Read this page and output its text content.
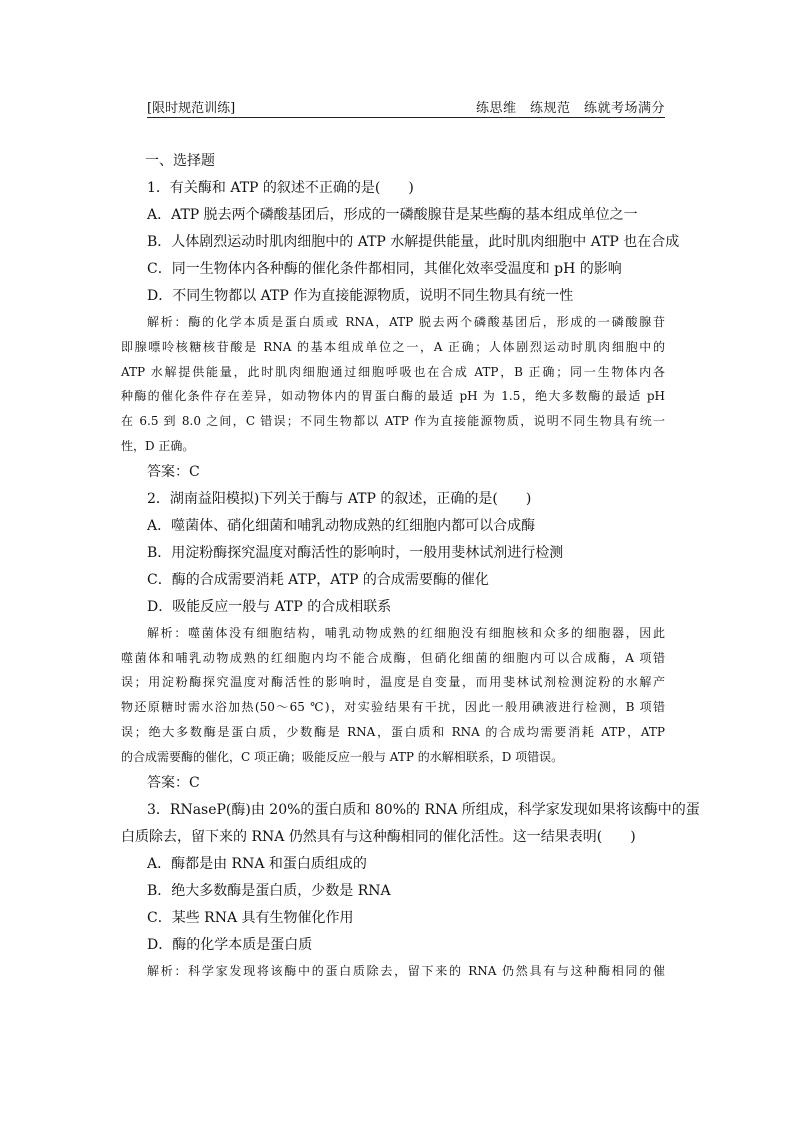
[限时规范训练]	练思维　练规范　练就考场满分
一、选择题
1．有关酶和 ATP 的叙述不正确的是(　　)
A．ATP 脱去两个磷酸基团后，形成的一磷酸腺苷是某些酶的基本组成单位之一
B．人体剧烈运动时肌肉细胞中的 ATP 水解提供能量，此时肌肉细胞中 ATP 也在合成
C．同一生物体内各种酶的催化条件都相同，其催化效率受温度和 pH 的影响
D．不同生物都以 ATP 作为直接能源物质，说明不同生物具有统一性
解析：酶的化学本质是蛋白质或 RNA，ATP 脱去两个磷酸基团后，形成的一磷酸腺苷
即腺嘌呤核糖核苷酸是 RNA 的基本组成单位之一，A 正确；人体剧烈运动时肌肉细胞中的
ATP 水解提供能量，此时肌肉细胞通过细胞呼吸也在合成 ATP，B 正确；同一生物体内各
种酶的催化条件存在差异，如动物体内的胃蛋白酶的最适 pH 为 1.5，绝大多数酶的最适 pH
在 6.5 到 8.0 之间，C 错误；不同生物都以 ATP 作为直接能源物质，说明不同生物具有统一
性，D 正确。
答案：C
2．湖南益阳模拟)下列关于酶与 ATP 的叙述，正确的是(　　)
A．噬菌体、硝化细菌和哺乳动物成熟的红细胞内都可以合成酶
B．用淀粉酶探究温度对酶活性的影响时，一般用斐林试剂进行检测
C．酶的合成需要消耗 ATP，ATP 的合成需要酶的催化
D．吸能反应一般与 ATP 的合成相联系
解析：噬菌体没有细胞结构，哺乳动物成熟的红细胞没有细胞核和众多的细胞器，因此
噬菌体和哺乳动物成熟的红细胞内均不能合成酶，但硝化细菌的细胞内可以合成酶，A 项错
误；用淀粉酶探究温度对酶活性的影响时，温度是自变量，而用斐林试剂检测淀粉的水解产
物还原糖时需水浴加热(50～65 ℃)，对实验结果有干扰，因此一般用碘液进行检测，B 项错
误；绝大多数酶是蛋白质，少数酶是 RNA，蛋白质和 RNA 的合成均需要消耗 ATP，ATP
的合成需要酶的催化，C 项正确；吸能反应一般与 ATP 的水解相联系，D 项错误。
答案：C
3．RNaseP(酶)由 20%的蛋白质和 80%的 RNA 所组成，科学家发现如果将该酶中的蛋
白质除去，留下来的 RNA 仍然具有与这种酶相同的催化活性。这一结果表明(　　)
A．酶都是由 RNA 和蛋白质组成的
B．绝大多数酶是蛋白质，少数是 RNA
C．某些 RNA 具有生物催化作用
D．酶的化学本质是蛋白质
解析：科学家发现将该酶中的蛋白质除去，留下来的 RNA 仍然具有与这种酶相同的催
